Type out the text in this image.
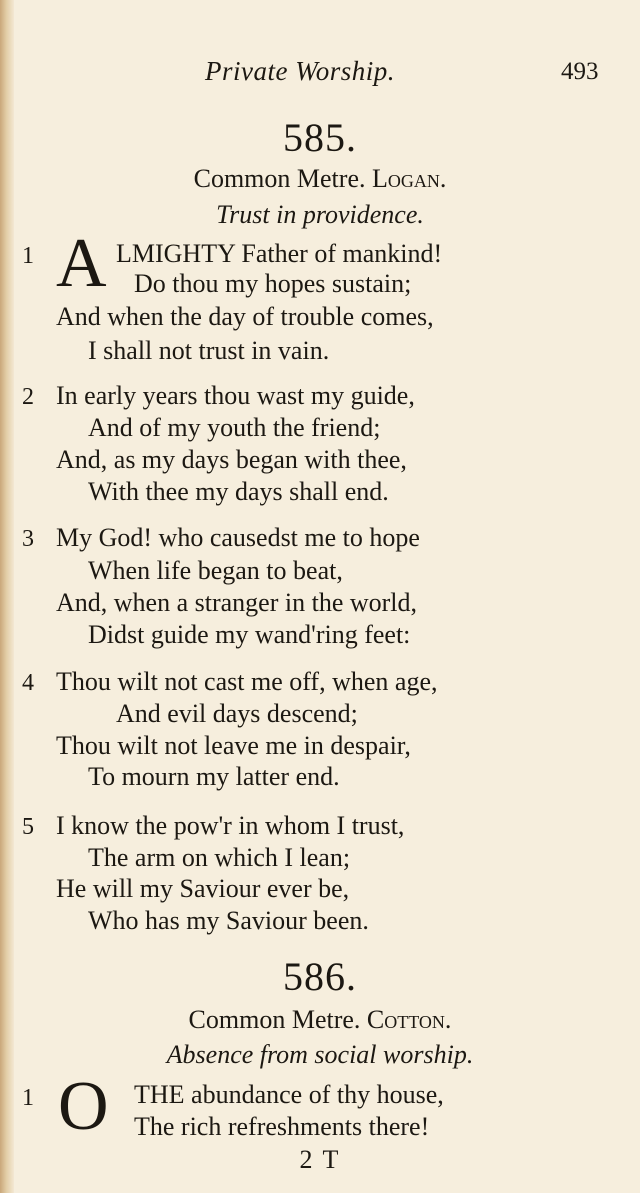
Private Worship.	493
585.
Common Metre. Logan.
Trust in providence.
1 A LMIGHTY Father of mankind!
Do thou my hopes sustain;
And when the day of trouble comes,
I shall not trust in vain.
2 In early years thou wast my guide,
And of my youth the friend;
And, as my days began with thee,
With thee my days shall end.
3 My God! who causedst me to hope
When life began to beat,
And, when a stranger in the world,
Didst guide my wand'ring feet:
4 Thou wilt not cast me off, when age,
And evil days descend;
Thou wilt not leave me in despair,
To mourn my latter end.
5 I know the pow'r in whom I trust,
The arm on which I lean;
He will my Saviour ever be,
Who has my Saviour been.
586.
Common Metre. Cotton.
Absence from social worship.
1 O THE abundance of thy house,
The rich refreshments there!
2 T
